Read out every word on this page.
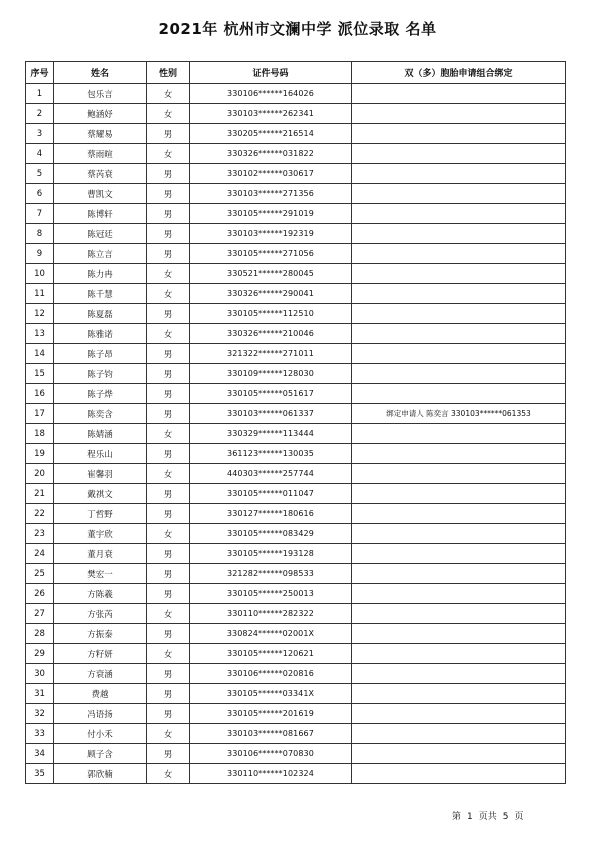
2021年 杭州市文澜中学 派位录取 名单
序号	姓名	性别	证件号码	双（多）胞胎申请组合绑定
1	包乐言	女	330106******164026	
2	鲍涵妤	女	330103******262341	
3	蔡耀易	男	330205******216514	
4	蔡雨暄	女	330326******031822	
5	蔡芮衰	男	330102******030617	
6	曹凯文	男	330103******271356	
7	陈博轩	男	330105******291019	
8	陈冠廷	男	330103******192319	
9	陈立言	男	330105******271056	
10	陈力冉	女	330521******280045	
11	陈千慧	女	330326******290041	
12	陈夏磊	男	330105******112510	
13	陈雅诺	女	330326******210046	
14	陈子昂	男	321322******271011	
15	陈子钧	男	330109******128030	
16	陈子烨	男	330105******051617	
17	陈奕含	男	330103******061337	绑定申请人 陈奕言 330103******061353
18	陈婧涵	女	330329******113444	
19	程乐山	男	361123******130035	
20	崔馨羽	女	440303******257744	
21	戴祺文	男	330105******011047	
22	丁哲野	男	330127******180616	
23	董宇欣	女	330105******083429	
24	董月衰	男	330105******193128	
25	樊宏一	男	321282******098533	
26	方陈羲	男	330105******250013	
27	方张芮	女	330110******282322	
28	方振泰	男	330824******02001X	
29	方籽妍	女	330105******120621	
30	方衰涵	男	330106******020816	
31	费越	男	330105******03341X	
32	冯语扬	男	330105******201619	
33	付小禾	女	330103******081667	
34	顾子含	男	330106******070830	
35	郭欣楠	女	330110******102324	
第 1 页共 5 页
